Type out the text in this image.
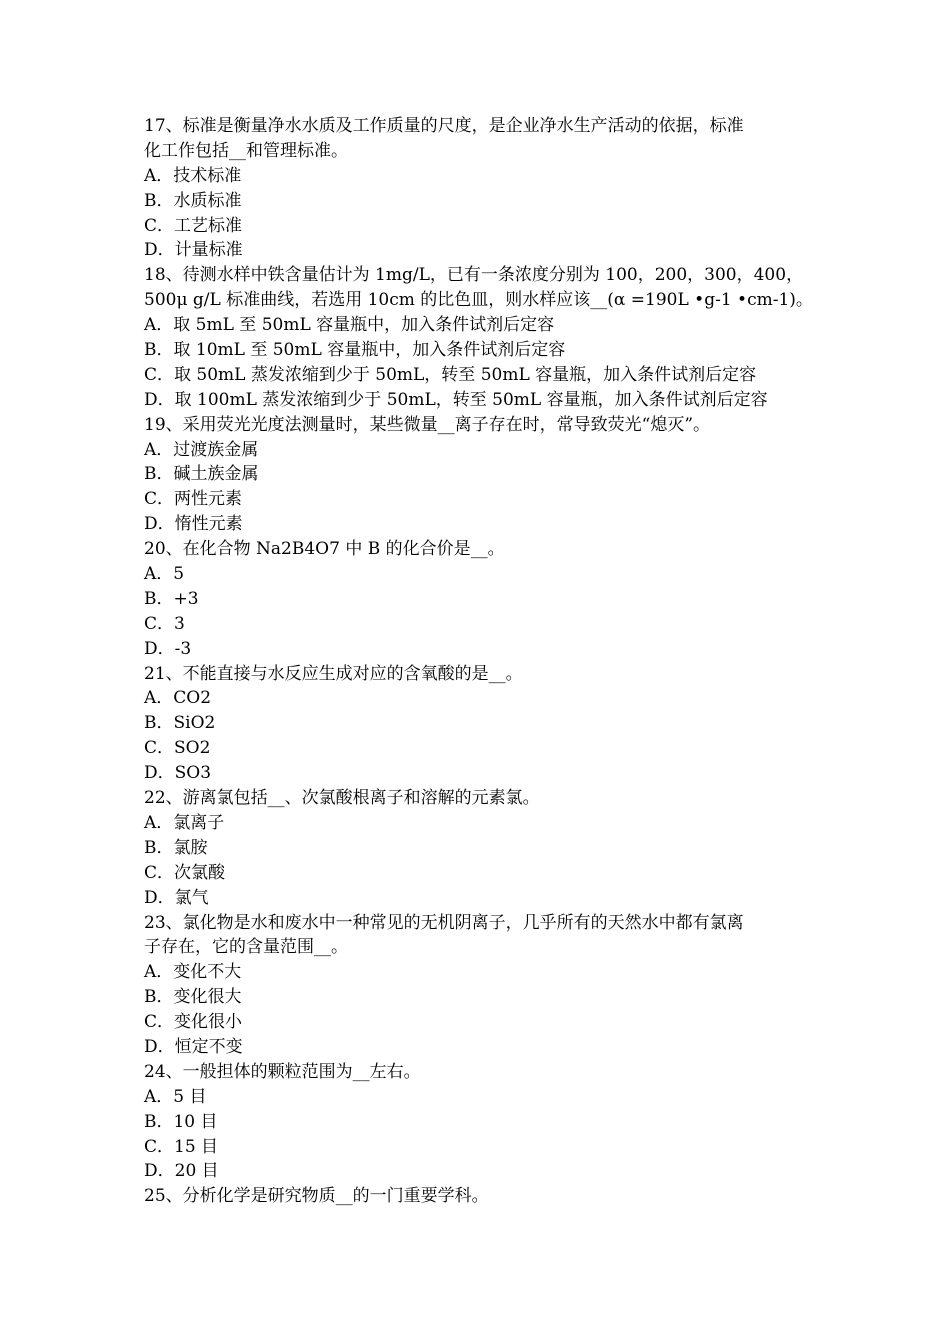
17、标准是衡量净水水质及工作质量的尺度，是企业净水生产活动的依据，标准
化工作包括__和管理标准。
A．技术标准
B．水质标准
C．工艺标准
D．计量标准
18、待测水样中铁含量估计为 1mg/L，已有一条浓度分别为 100，200，300，400，
500μ g/L 标准曲线，若选用 10cm 的比色皿，则水样应该__(α =190L •g-1 •cm-1)。
A．取 5mL 至 50mL 容量瓶中，加入条件试剂后定容
B．取 10mL 至 50mL 容量瓶中，加入条件试剂后定容
C．取 50mL 蒸发浓缩到少于 50mL，转至 50mL 容量瓶，加入条件试剂后定容
D．取 100mL 蒸发浓缩到少于 50mL，转至 50mL 容量瓶，加入条件试剂后定容
19、采用荧光光度法测量时，某些微量__离子存在时，常导致荧光“熄灭”。
A．过渡族金属
B．碱土族金属
C．两性元素
D．惰性元素
20、在化合物 Na2B4O7 中 B 的化合价是__。
A．5
B．+3
C．3
D．-3
21、不能直接与水反应生成对应的含氧酸的是__。
A．CO2
B．SiO2
C．SO2
D．SO3
22、游离氯包括__、次氯酸根离子和溶解的元素氯。
A．氯离子
B．氯胺
C．次氯酸
D．氯气
23、氯化物是水和废水中一种常见的无机阴离子，几乎所有的天然水中都有氯离
子存在，它的含量范围__。
A．变化不大
B．变化很大
C．变化很小
D．恒定不变
24、一般担体的颗粒范围为__左右。
A．5 目
B．10 目
C．15 目
D．20 目
25、分析化学是研究物质__的一门重要学科。
